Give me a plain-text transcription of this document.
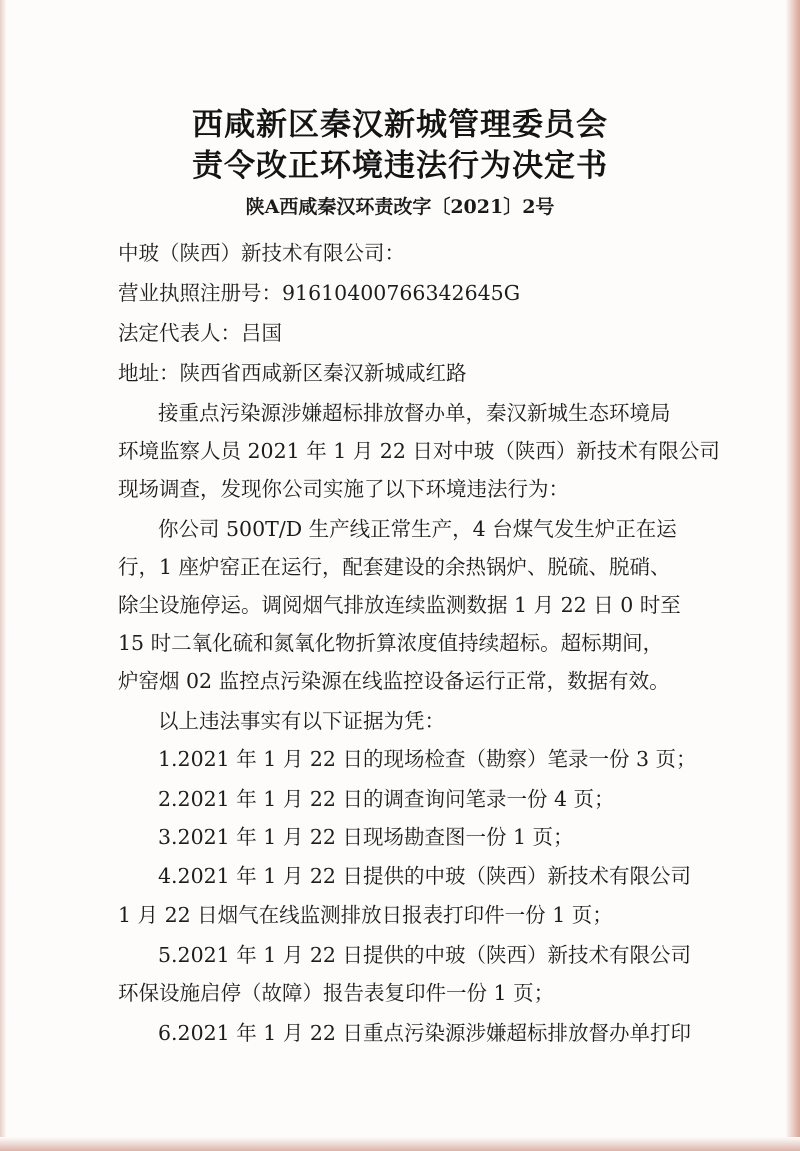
西咸新区秦汉新城管理委员会
责令改正环境违法行为决定书
陕A西咸秦汉环责改字〔2021〕2号
中玻（陕西）新技术有限公司：
营业执照注册号：91610400766342645G
法定代表人：吕国
地址：陕西省西咸新区秦汉新城咸红路
接重点污染源涉嫌超标排放督办单，秦汉新城生态环境局
环境监察人员 2021 年 1 月 22 日对中玻（陕西）新技术有限公司
现场调查，发现你公司实施了以下环境违法行为：
你公司 500T/D 生产线正常生产，4 台煤气发生炉正在运
行，1 座炉窑正在运行，配套建设的余热锅炉、脱硫、脱硝、
除尘设施停运。调阅烟气排放连续监测数据 1 月 22 日 0 时至
15 时二氧化硫和氮氧化物折算浓度值持续超标。超标期间，
炉窑烟 02 监控点污染源在线监控设备运行正常，数据有效。
以上违法事实有以下证据为凭：
1.2021 年 1 月 22 日的现场检查（勘察）笔录一份 3 页；
2.2021 年 1 月 22 日的调查询问笔录一份 4 页；
3.2021 年 1 月 22 日现场勘查图一份 1 页；
4.2021 年 1 月 22 日提供的中玻（陕西）新技术有限公司
1 月 22 日烟气在线监测排放日报表打印件一份 1 页；
5.2021 年 1 月 22 日提供的中玻（陕西）新技术有限公司
环保设施启停（故障）报告表复印件一份 1 页；
6.2021 年 1 月 22 日重点污染源涉嫌超标排放督办单打印
